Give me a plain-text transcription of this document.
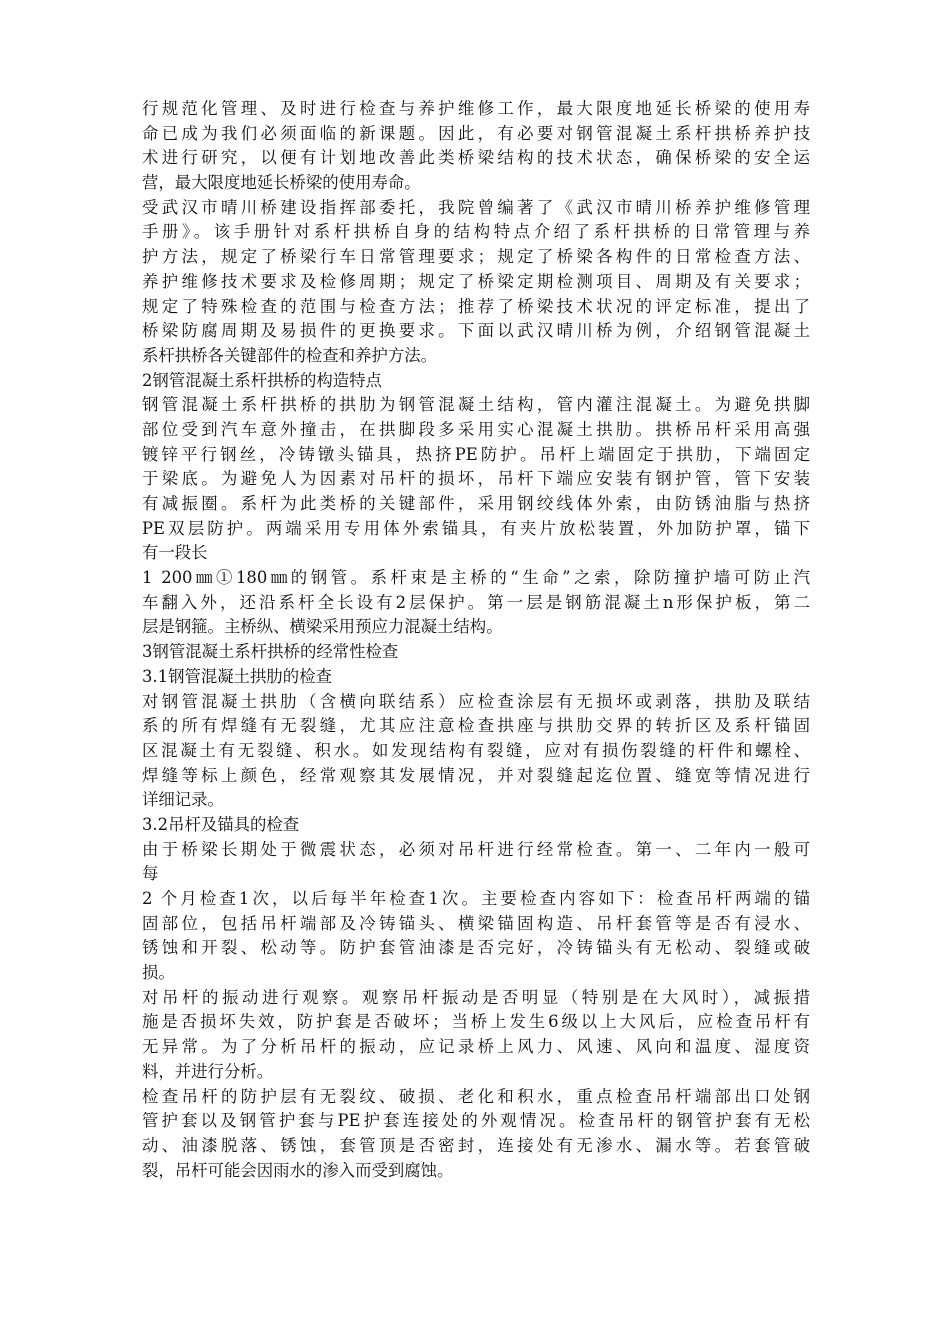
行规范化管理、及时进行检查与养护维修工作，最大限度地延长桥梁的使用寿
命已成为我们必须面临的新课题。因此，有必要对钢管混凝土系杆拱桥养护技
术进行研究，以便有计划地改善此类桥梁结构的技术状态，确保桥梁的安全运
营，最大限度地延长桥梁的使用寿命。
受武汉市晴川桥建设指挥部委托，我院曾编著了《武汉市晴川桥养护维修管理
手册》。该手册针对系杆拱桥自身的结构特点介绍了系杆拱桥的日常管理与养
护方法，规定了桥梁行车日常管理要求；规定了桥梁各构件的日常检查方法、
养护维修技术要求及检修周期；规定了桥梁定期检测项目、周期及有关要求；
规定了特殊检查的范围与检查方法；推荐了桥梁技术状况的评定标准，提出了
桥梁防腐周期及易损件的更换要求。下面以武汉晴川桥为例，介绍钢管混凝土
系杆拱桥各关键部件的检查和养护方法。
2钢管混凝土系杆拱桥的构造特点
钢管混凝土系杆拱桥的拱肋为钢管混凝土结构，管内灌注混凝土。为避免拱脚
部位受到汽车意外撞击，在拱脚段多采用实心混凝土拱肋。拱桥吊杆采用高强
镀锌平行钢丝，冷铸镦头锚具，热挤PE防护。吊杆上端固定于拱肋，下端固定
于梁底。为避免人为因素对吊杆的损坏，吊杆下端应安装有钢护管，管下安装
有减振圈。系杆为此类桥的关键部件，采用钢绞线体外索，由防锈油脂与热挤
PE双层防护。两端采用专用体外索锚具，有夹片放松装置，外加防护罩，锚下
有一段长
1 200㎜①180㎜的钢管。系杆束是主桥的“生命”之索，除防撞护墙可防止汽
车翻入外，还沿系杆全长设有2层保护。第一层是钢筋混凝土n形保护板，第二
层是钢箍。主桥纵、横梁采用预应力混凝土结构。
3钢管混凝土系杆拱桥的经常性检查
3.1钢管混凝土拱肋的检查
对钢管混凝土拱肋（含横向联结系）应检查涂层有无损坏或剥落，拱肋及联结
系的所有焊缝有无裂缝，尤其应注意检查拱座与拱肋交界的转折区及系杆锚固
区混凝土有无裂缝、积水。如发现结构有裂缝，应对有损伤裂缝的杆件和螺栓、
焊缝等标上颜色，经常观察其发展情况，并对裂缝起迄位置、缝宽等情况进行
详细记录。
3.2吊杆及锚具的检查
由于桥梁长期处于微震状态，必须对吊杆进行经常检查。第一、二年内一般可
每
2 个月检查1次，以后每半年检查1次。主要检查内容如下：检查吊杆两端的锚
固部位，包括吊杆端部及冷铸锚头、横梁锚固构造、吊杆套管等是否有浸水、
锈蚀和开裂、松动等。防护套管油漆是否完好，冷铸锚头有无松动、裂缝或破
损。
对吊杆的振动进行观察。观察吊杆振动是否明显（特别是在大风时），减振措
施是否损坏失效，防护套是否破坏；当桥上发生6级以上大风后，应检查吊杆有
无异常。为了分析吊杆的振动，应记录桥上风力、风速、风向和温度、湿度资
料，并进行分析。
检查吊杆的防护层有无裂纹、破损、老化和积水，重点检查吊杆端部出口处钢
管护套以及钢管护套与PE护套连接处的外观情况。检查吊杆的钢管护套有无松
动、油漆脱落、锈蚀，套管顶是否密封，连接处有无渗水、漏水等。若套管破
裂，吊杆可能会因雨水的渗入而受到腐蚀。
